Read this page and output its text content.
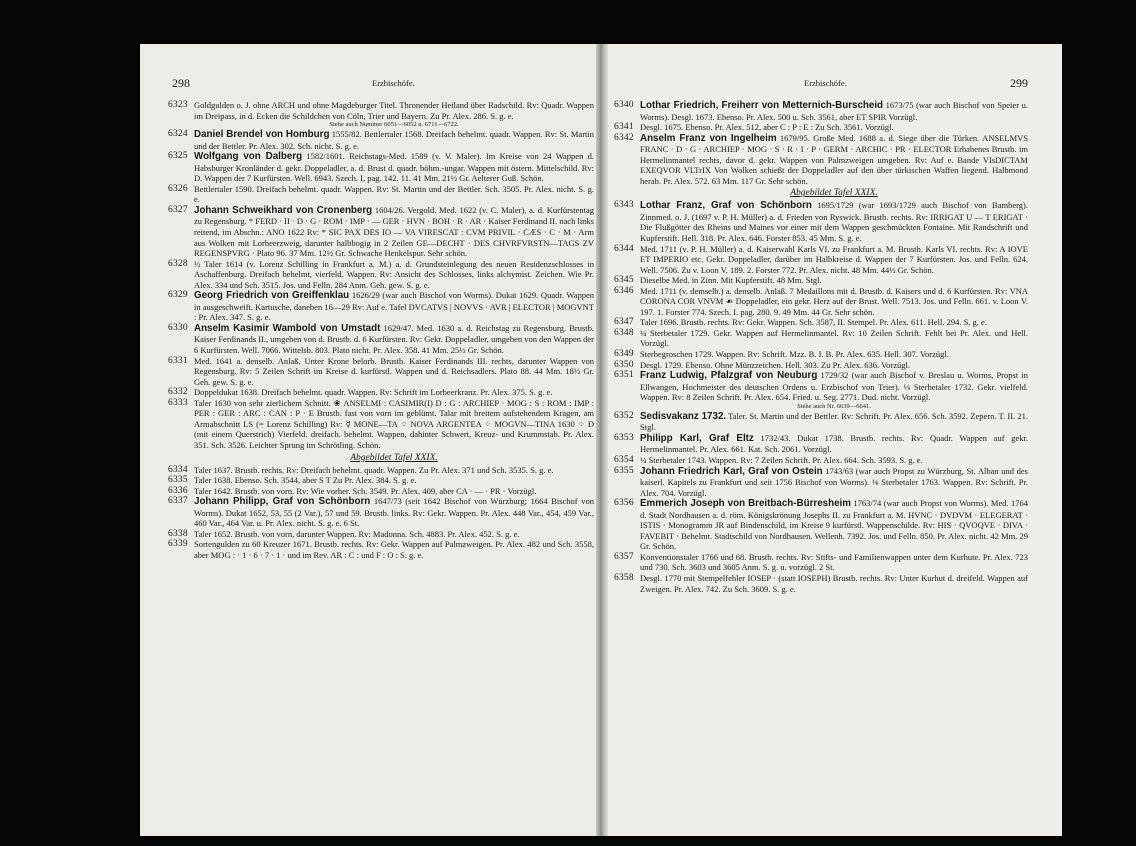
298	Erzbischöfe.
6323 Goldgulden o. J. ohne ARCH und ohne Magdeburger Titel. Thronender Heiland über Radschild. Rv: Quadr. Wappen im Dreipass, in d. Ecken die Schildchen von Cöln, Trier und Bayern. Zu Pr. Alex. 286. S. g. e.
Siehe auch Nummer 6051—6052 u. 6711—6722.
6324 Daniel Brendel von Homburg 1555/82. Bettlertaler 1568. Dreifach behelmt. quadr. Wappen. Rv: St. Martin und der Bettler. Pr. Alex. 302. Sch. nicht. S. g. e.
6325 Wolfgang von Dalberg 1582/1601. Reichstags-Med. 1589 (v. V. Maler). Im Kreise von 24 Wappen d. Habsburger Kronländer d. gekr. Doppeladler, a. d. Brust d. quadr. böhm.-ungar. Wappen mit östern. Mittelschild. Rv: D. Wappen der 7 Kurfürsten. Well. 6943. Szech. I, pag. 142. 11. 41 Mm. 21½ Gr. Aelterer Guß. Schön.
6326 Bettlertaler 1590. Dreifach behelmt. quadr. Wappen. Rv: St. Martin und der Bettler. Sch. 3505. Pr. Alex. nicht. S. g. e.
6327 Johann Schweikhard von Cronenberg 1604/26. Vergold. Med. 1622 (v. C. Maler), a. d. Kurfürstentag zu Regensburg. * FERD · II · D · G · ROM · IMP · — GER · HVN · BOH · R · AR · Kaiser Ferdinand II. nach links reitend, im Abschn.: ANO 1622 Rv: * SIC PAX DES IO — VA VIRESCAT : CVM PRIVIL · CÆS · C · M · Arm aus Wolken mit Lorbeerzweig, darunter halbbogig in 2 Zeilen GE—DECHT · DES CHVRFVRSTN—TAGS ZV REGENSPVRG · Plato 96. 37 Mm. 12½ Gr. Schwache Henkelspur. Sehr schön.
6328 ½ Taler 1614 (v. Lorenz Schilling in Frankfurt a. M.) a. d. Grundsteinlegung des neuen Residenzschlosses in Aschaffenburg. Dreifach behelmt, vierfeld. Wappen. Rv: Ansicht des Schlosses, links alchymist. Zeichen. Wie Pr. Alex. 334 und Sch. 3515. Jos. und Felln. 284 Anm. Geh. gew. S. g. e.
6329 Georg Friedrich von Greiffenklau 1626/29 (war auch Bischof von Worms). Dukat 1629. Quadr. Wappen in ausgeschweift. Kartusche, daneben 16—29 Rv: Auf e. Tafel DVCATVS | NOVVS · AVR | ELECTOR | MOGVNT : Pr. Alex. 347. S. g. e.
6330 Anselm Kasimir Wambold von Umstadt 1629/47. Med. 1630 a. d. Reichstag zu Regensburg. Brustb. Kaiser Ferdinands II., umgeben von d. Brustb. d. 6 Kurfürsten. Rv: Gekr. Doppeladler, umgeben von den Wappen der 6 Kurfürsten. Well. 7066. Wittelsb. 803. Plato nicht. Pr. Alex. 358. 41 Mm. 25½ Gr. Schön.
6331 Med. 1641 a. denselb. Anlaß. Unter Krone belorb. Brustb. Kaiser Ferdinands III. rechts, darunter Wappen von Regensburg. Rv: 5 Zeilen Schrift im Kreise d. kurfürstl. Wappen und d. Reichsadlers. Plato 88. 44 Mm. 18½ Gr. Geh. gew. S. g. e.
6332 Doppeldukat 1638. Dreifach behelmt. quadr. Wappen. Rv: Schrift im Lorbeerkranz. Pr. Alex. 375. S. g. e.
6333 Taler 1630 von sehr zierlichem Schnitt. ❀ ANSELMI : CASIMIR(I) D : G : ARCHIEP · MOG : S : ROM : IMP : PER : GER : ARC : CAN : P · E Brustb. fast von vorn im geblümt. Talar mit breitem aufstehendem Kragen, am Armabschnitt LS (= Lorenz Schilling) Rv: ☿ MONE—TA ⁘ NOVA ARGENTEA ⁘ MOGVN—TINA 1630 ⁘ D (mit einem Querstrich) Vierfeld. dreifach. behelmt. Wappen, dahinter Schwert, Kreuz- und Krummstab. Pr. Alex. 351. Sch. 3526. Leichter Sprung im Schrötling. Schön.
Abgebildet Tafel XXIX.
6334 Taler 1637. Brustb. rechts. Rv: Dreifach behelmt. quadr. Wappen. Zu Pr. Alex. 371 und Sch. 3535. S. g. e.
6335 Taler 1638. Ebenso. Sch. 3544, aber S T Zu Pr. Alex. 384. S. g. e.
6336 Taler 1642. Brustb. von vorn. Rv: Wie vorher. Sch. 3549. Pr. Alex. 409, aber CA · — · PR · Vorzügl.
6337 Johann Philipp, Graf von Schönborn 1647/73 (seit 1642 Bischof von Würzburg; 1664 Bischof von Worms). Dukat 1652, 53, 55 (2 Var.), 57 und 59. Brustb. links. Rv: Gekr. Wappen. Pr. Alex. 448 Var., 454, 459 Var., 460 Var., 464 Var. u. Pr. Alex. nicht. S. g. e. 6 St.
6338 Taler 1652. Brustb. von vorn, darunter Wappen. Rv: Madonna. Sch. 4883. Pr. Alex. 452. S. g. e.
6339 Sortengulden zu 60 Kreuzer 1671. Brustb. rechts. Rv: Gekr. Wappen auf Palmzweigen. Pr. Alex. 482 und Sch. 3558, aber MOG : · 1 · 6 · 7 · 1 · und im Rev. AR : C : und F : O : S. g. e.
Erzbischöfe.	299
6340 Lothar Friedrich, Freiherr von Metternich-Burscheid 1673/75 (war auch Bischof von Speier u. Worms). Desgl. 1673. Ebenso. Pr. Alex. 500 u. Sch. 3561, aber ET SPIR Vorzügl.
6341 Desgl. 1675. Ebenso. Pr. Alex. 512, aber C : P : E : Zu Sch. 3561. Vorzügl.
6342 Anselm Franz von Ingelheim 1679/95. Große Med. 1688 a. d. Siege über die Türken. ANSELMVS FRANC · D · G · ARCHIEP · MOG · S · R · I · P · GERM · ARCHIC · PR · ELECTOR Erhabenes Brustb. im Hermelinmantel rechts, davor d. gekr. Wappen von Palmzweigen umgeben. Rv: Auf e. Bande VIsDICTAM EXEQVOR VLTrIX Von Wolken schießt der Doppeladler auf den über türkischen Waffen liegend. Halbmond herab. Pr. Alex. 572. 63 Mm. 117 Gr. Sehr schön.
Abgebildet Tafel XXIX.
6343 Lothar Franz, Graf von Schönborn 1695/1729 (war 1693/1729 auch Bischof von Bamberg). Zinnmed. o. J. (1697 v. P. H. Müller) a. d. Frieden von Ryswick. Brustb. rechts. Rv: IRRIGAT U — T ERIGAT · Die Flußgötter des Rheins und Maines vor einer mit dem Wappen geschmückten Fontaine. Mit Randschrift und Kupferstift. Hell. 318. Pr. Alex. 646. Forster 853. 45 Mm. S. g. e.
6344 Med. 1711 (v. P. H. Müller) a. d. Kaiserwahl Karls VI. zu Frankfurt a. M. Brustb. Karls VI. rechts. Rv: A IOVE ET IMPERIO etc. Gekr. Doppeladler, darüber im Halbkreise d. Wappen der 7 Kurfürsten. Jos. und Felln. 624. Well. 7506. Zu v. Loon V. 189. 2. Forster 772. Pr. Alex. nicht. 48 Mm. 44½ Gr. Schön.
6345 Dieselbe Med. in Zinn. Mit Kupferstift. 48 Mm. Stgl.
6346 Med. 1711 (v. demselb.) a. denselb. Anlaß. 7 Medaillons mit d. Brustb. d. Kaisers und d. 6 Kurfürsten. Rv: VNA CORONA COR VNVM ☙ Doppeladler, ein gekr. Herz auf der Brust. Well. 7513. Jos. und Felln. 661. v. Loon V. 197. 1. Forster 774. Szech. I. pag. 280. 9. 49 Mm. 44 Gr. Sehr schön.
6347 Taler 1696. Brustb. rechts. Rv: Gekr. Wappen. Sch. 3587, II. Stempel. Pr. Alex. 611. Hell. 294. S. g. e.
6348 ¼ Sterbetaler 1729. Gekr. Wappen auf Hermelinmantel. Rv: 10 Zeilen Schrift. Fehlt bei Pr. Alex. und Hell. Vorzügl.
6349 Sterbegroschen 1729. Wappen. Rv: Schrift. Mzz. B. I. B. Pr. Alex. 635. Hell. 307. Vorzügl.
6350 Desgl. 1729. Ebenso. Ohne Münzzeichen. Hell. 303. Zu Pr. Alex. 636. Vorzügl.
6351 Franz Ludwig, Pfalzgraf von Neuburg 1729/32 (war auch Bischof v. Breslau u. Worms, Propst in Ellwangen, Hochmeister des deutschen Ordens u. Erzbischof von Trier). ⅛ Sterbetaler 1732. Gekr. vielfeld. Wappen. Rv: 8 Zeilen Schrift. Pr. Alex. 654. Fried. u. Seg. 2771. Dud. nicht. Vorzügl.
Siehe auch Nr. 6639—6641.
6352 Sedisvakanz 1732. Taler. St. Martin und der Bettler. Rv: Schrift. Pr. Alex. 656. Sch. 3592. Zepern. T. II. 21. Stgl.
6353 Philipp Karl, Graf Eltz 1732/43. Dukat 1738. Brustb. rechts. Rv: Quadr. Wappen auf gekr. Hermelinmantel. Pr. Alex. 661. Kat. Sch. 2061. Vorzügl.
6354 ¼ Sterbetaler 1743. Wappen. Rv: 7 Zeilen Schrift. Pr. Alex. 664. Sch. 3593. S. g. e.
6355 Johann Friedrich Karl, Graf von Ostein 1743/63 (war auch Propst zu Würzburg, St. Alban und des kaiserl. Kapitels zu Frankfurt und seit 1756 Bischof von Worms). ⅛ Sterbetaler 1763. Wappen. Rv: Schrift. Pr. Alex. 704. Vorzügl.
6356 Emmerich Joseph von Breitbach-Bürresheim 1763/74 (war auch Propst von Worms). Med. 1764 d. Stadt Nordhausen a. d. röm. Königskrönung Josephs II. zu Frankfurt a. M. HVNC · DVDVM · ELEGERAT · ISTIS · Monogramm JR auf Bindenschild, im Kreise 9 kurfürstl. Wappenschilde. Rv: HIS · QVOQVE · DIVA · FAVEBIT · Behelmt. Stadtschild von Nordhausen. Wellenh. 7392. Jos. und Felln. 850. Pr. Alex. nicht. 42 Mm. 29 Gr. Schön.
6357 Konventionstaler 1766 und 68. Brustb. rechts. Rv: Stifts- und Familienwappen unter dem Kurhute. Pr. Alex. 723 und 730. Sch. 3603 und 3605 Anm. S. g. u. vorzügl. 2 St.
6358 Desgl. 1770 mit Stempelfehler IOSEP · (statt IOSEPH) Brustb. rechts. Rv: Unter Kurhut d. dreifeld. Wappen auf Zweigen. Pr. Alex. 742. Zu Sch. 3609. S. g. e.
